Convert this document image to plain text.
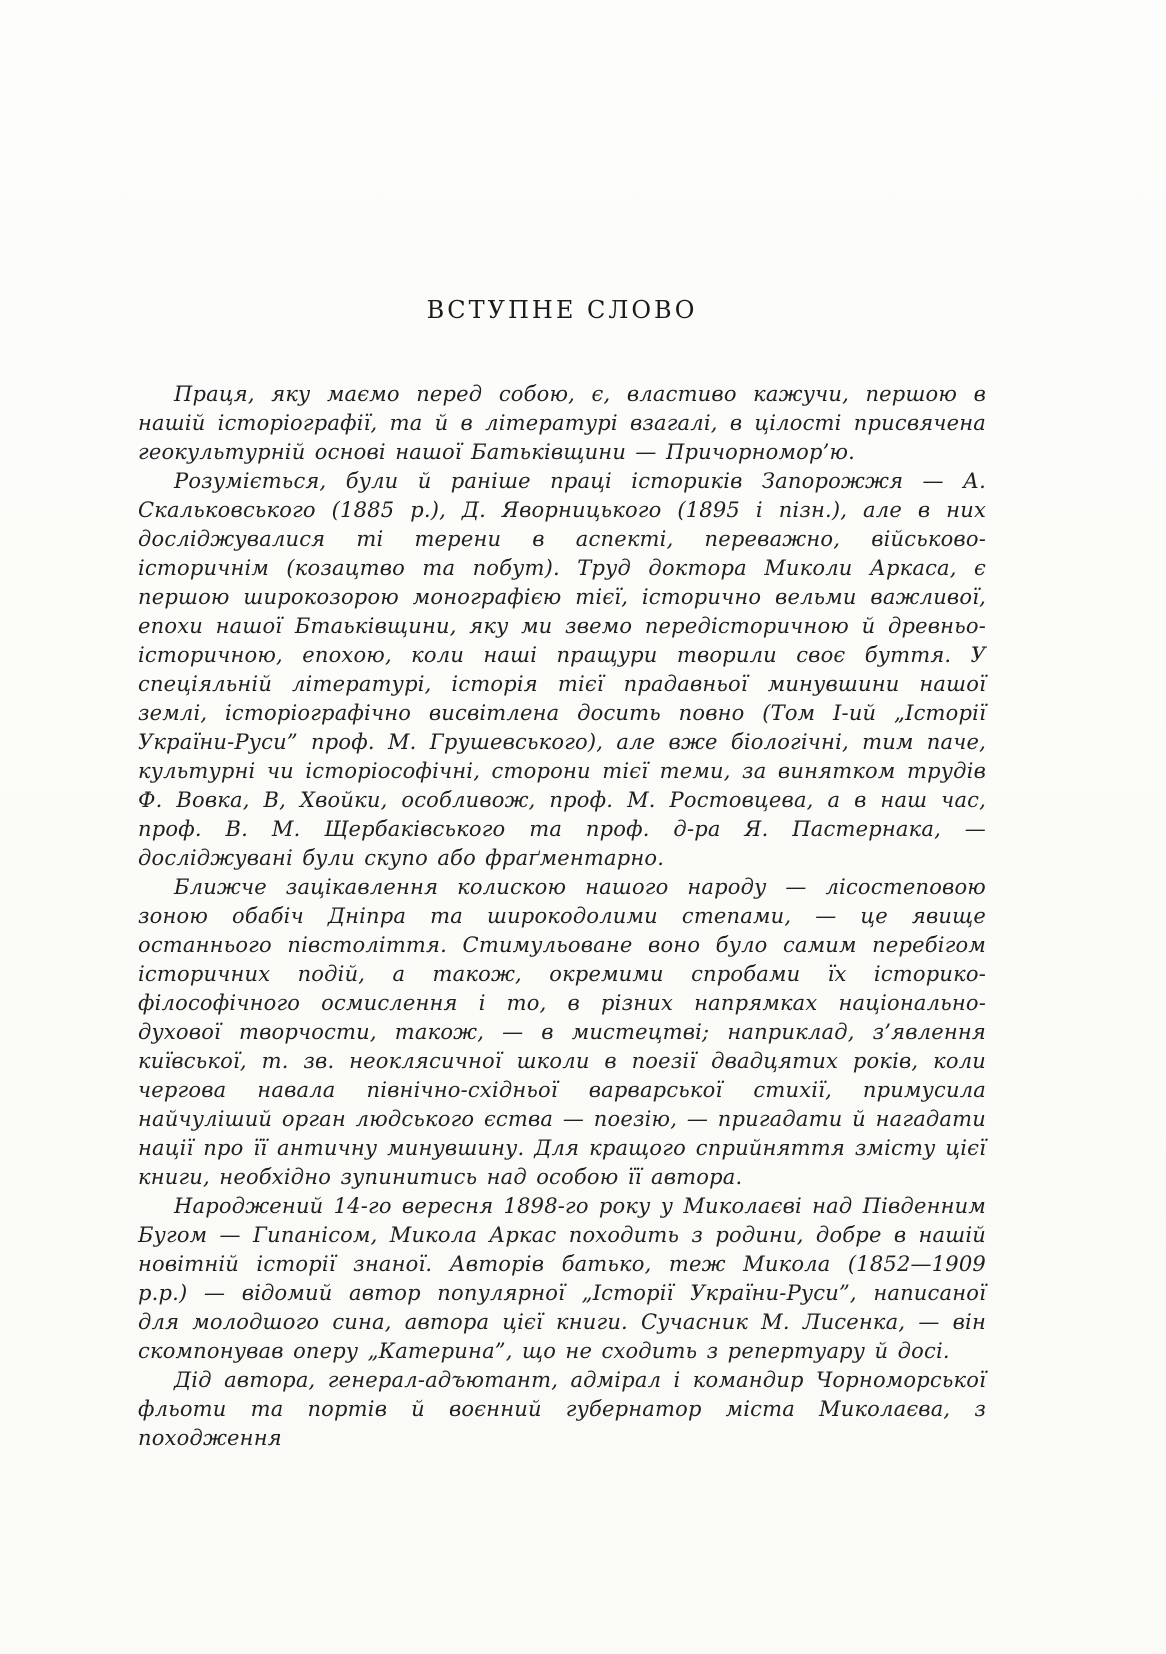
ВСТУПНЕ СЛОВО

Праця, яку маємо перед собою, є, властиво кажучи, першою в нашій історіографії, та й в літературі взагалі, в цілості присвячена геокультурній основі нашої Батьківщини — Причорномор’ю.

Розуміється, були й раніше праці істориків Запорожжя — А. Скальковського (1885 р.), Д. Яворницького (1895 і пізн.), але в них досліджувалися ті терени в аспекті, переважно, військово-історичнім (козацтво та побут). Труд доктора Миколи Аркаса, є першою широкозорою монографією тієї, історично вельми важливої, епохи нашої Бтаьківщини, яку ми звемо передісторичною й древньо-історичною, епохою, коли наші пращури творили своє буття. У спеціяльній літературі, історія тієї прадавньої минувшини нашої землі, історіографічно висвітлена досить повно (Том I-ий „Історії України-Руси” проф. М. Грушевського), але вже біологічні, тим паче, культурні чи історіософічні, сторони тієї теми, за винятком трудів Ф. Вовка, В, Хвойки, особливож, проф. М. Ростовцева, а в наш час, проф. В. М. Щербаківського та проф. д-ра Я. Пастернака, — досліджувані були скупо або фраґментарно.

Ближче зацікавлення колискою нашого народу — лісостеповою зоною обабіч Дніпра та широкодолими степами, — це явище останнього півстоліття. Стимульоване воно було самим перебігом історичних подій, а також, окремими спробами їх історико-філософічного осмислення і то, в різних напрямках національно-духової творчости, також, — в мистецтві; наприклад, з’явлення київської, т. зв. неоклясичної школи в поезії двадцятих років, коли чергова навала північно-східньої варварської стихії, примусила найчуліший орган людського єства — поезію, — пригадати й нагадати нації про її античну минувшину. Для кращого сприйняття змісту цієї книги, необхідно зупинитись над особою її автора.

Народжений 14-го вересня 1898-го року у Миколаєві над Південним Бугом — Гипанісом, Микола Аркас походить з родини, добре в нашій новітній історії знаної. Авторів батько, теж Микола (1852—1909 р.р.) — відомий автор популярної „Історії України-Руси”, написаної для молодшого сина, автора цієї книги. Сучасник М. Лисенка, — він скомпонував оперу „Катерина”, що не сходить з репертуару й досі.

Дід автора, генерал-адъютант, адмірал і командир Чорноморської фльоти та портів й воєнний губернатор міста Миколаєва, з походження
